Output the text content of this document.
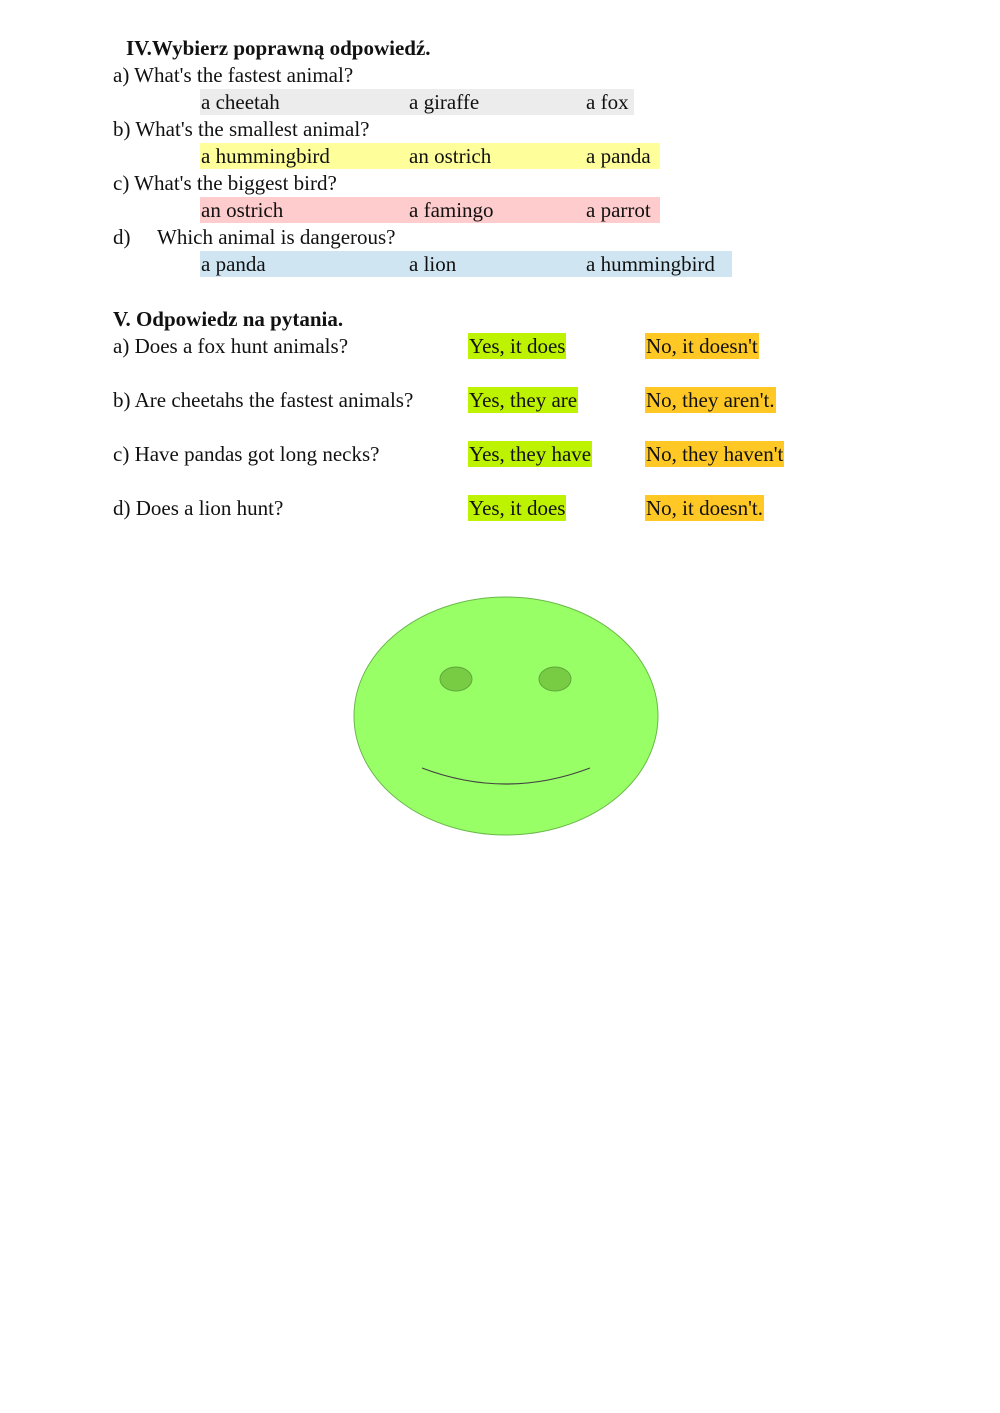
IV.Wybierz poprawną odpowiedź.
a) What's the fastest animal?
a cheetah	a giraffe	a fox
b) What's the smallest animal?
a hummingbird	an ostrich	a panda
c) What's the biggest bird?
an ostrich	a famingo	a parrot
d) Which animal is dangerous?
a panda	a lion	a hummingbird
V. Odpowiedz na pytania.
a) Does a fox hunt animals?	Yes, it does	No, it doesn't
b) Are cheetahs the fastest animals?	Yes, they are	No, they aren't.
c) Have pandas got long necks?	Yes, they have	No, they haven't
d) Does a lion hunt?	Yes, it does	No, it doesn't.
